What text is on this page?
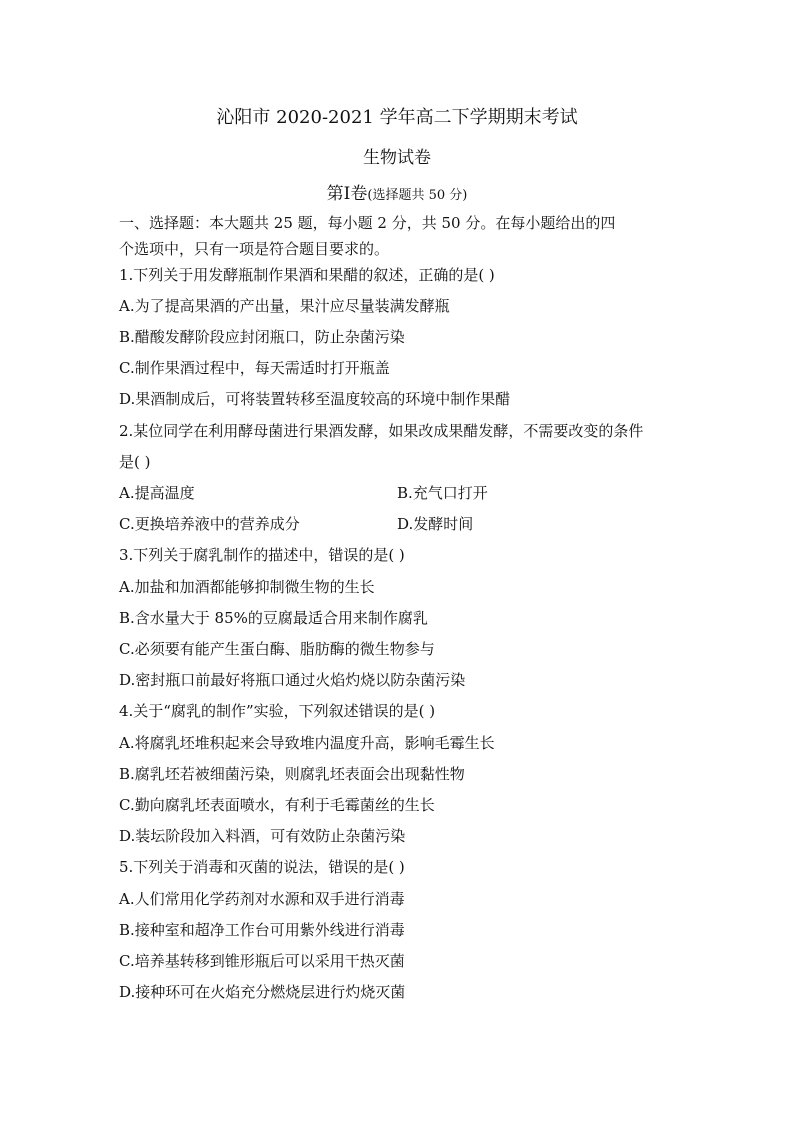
沁阳市 2020-2021 学年高二下学期期末考试
生物试卷
第Ⅰ卷(选择题共 50 分)
一、选择题：本大题共 25 题，每小题 2 分，共 50 分。在每小题给出的四
个选项中，只有一项是符合题目要求的。
1.下列关于用发酵瓶制作果酒和果醋的叙述，正确的是( )
A.为了提高果酒的产出量，果汁应尽量装满发酵瓶
B.醋酸发酵阶段应封闭瓶口，防止杂菌污染
C.制作果酒过程中，每天需适时打开瓶盖
D.果酒制成后，可将装置转移至温度较高的环境中制作果醋
2.某位同学在利用酵母菌进行果酒发酵，如果改成果醋发酵，不需要改变的条件
是( )
A.提高温度	B.充气口打开
C.更换培养液中的营养成分	D.发酵时间
3.下列关于腐乳制作的描述中，错误的是( )
A.加盐和加酒都能够抑制微生物的生长
B.含水量大于 85%的豆腐最适合用来制作腐乳
C.必须要有能产生蛋白酶、脂肪酶的微生物参与
D.密封瓶口前最好将瓶口通过火焰灼烧以防杂菌污染
4.关于“腐乳的制作”实验，下列叙述错误的是( )
A.将腐乳坯堆积起来会导致堆内温度升高，影响毛霉生长
B.腐乳坯若被细菌污染，则腐乳坯表面会出现黏性物
C.勤向腐乳坯表面喷水，有利于毛霉菌丝的生长
D.装坛阶段加入料酒，可有效防止杂菌污染
5.下列关于消毒和灭菌的说法，错误的是( )
A.人们常用化学药剂对水源和双手进行消毒
B.接种室和超净工作台可用紫外线进行消毒
C.培养基转移到锥形瓶后可以采用干热灭菌
D.接种环可在火焰充分燃烧层进行灼烧灭菌
